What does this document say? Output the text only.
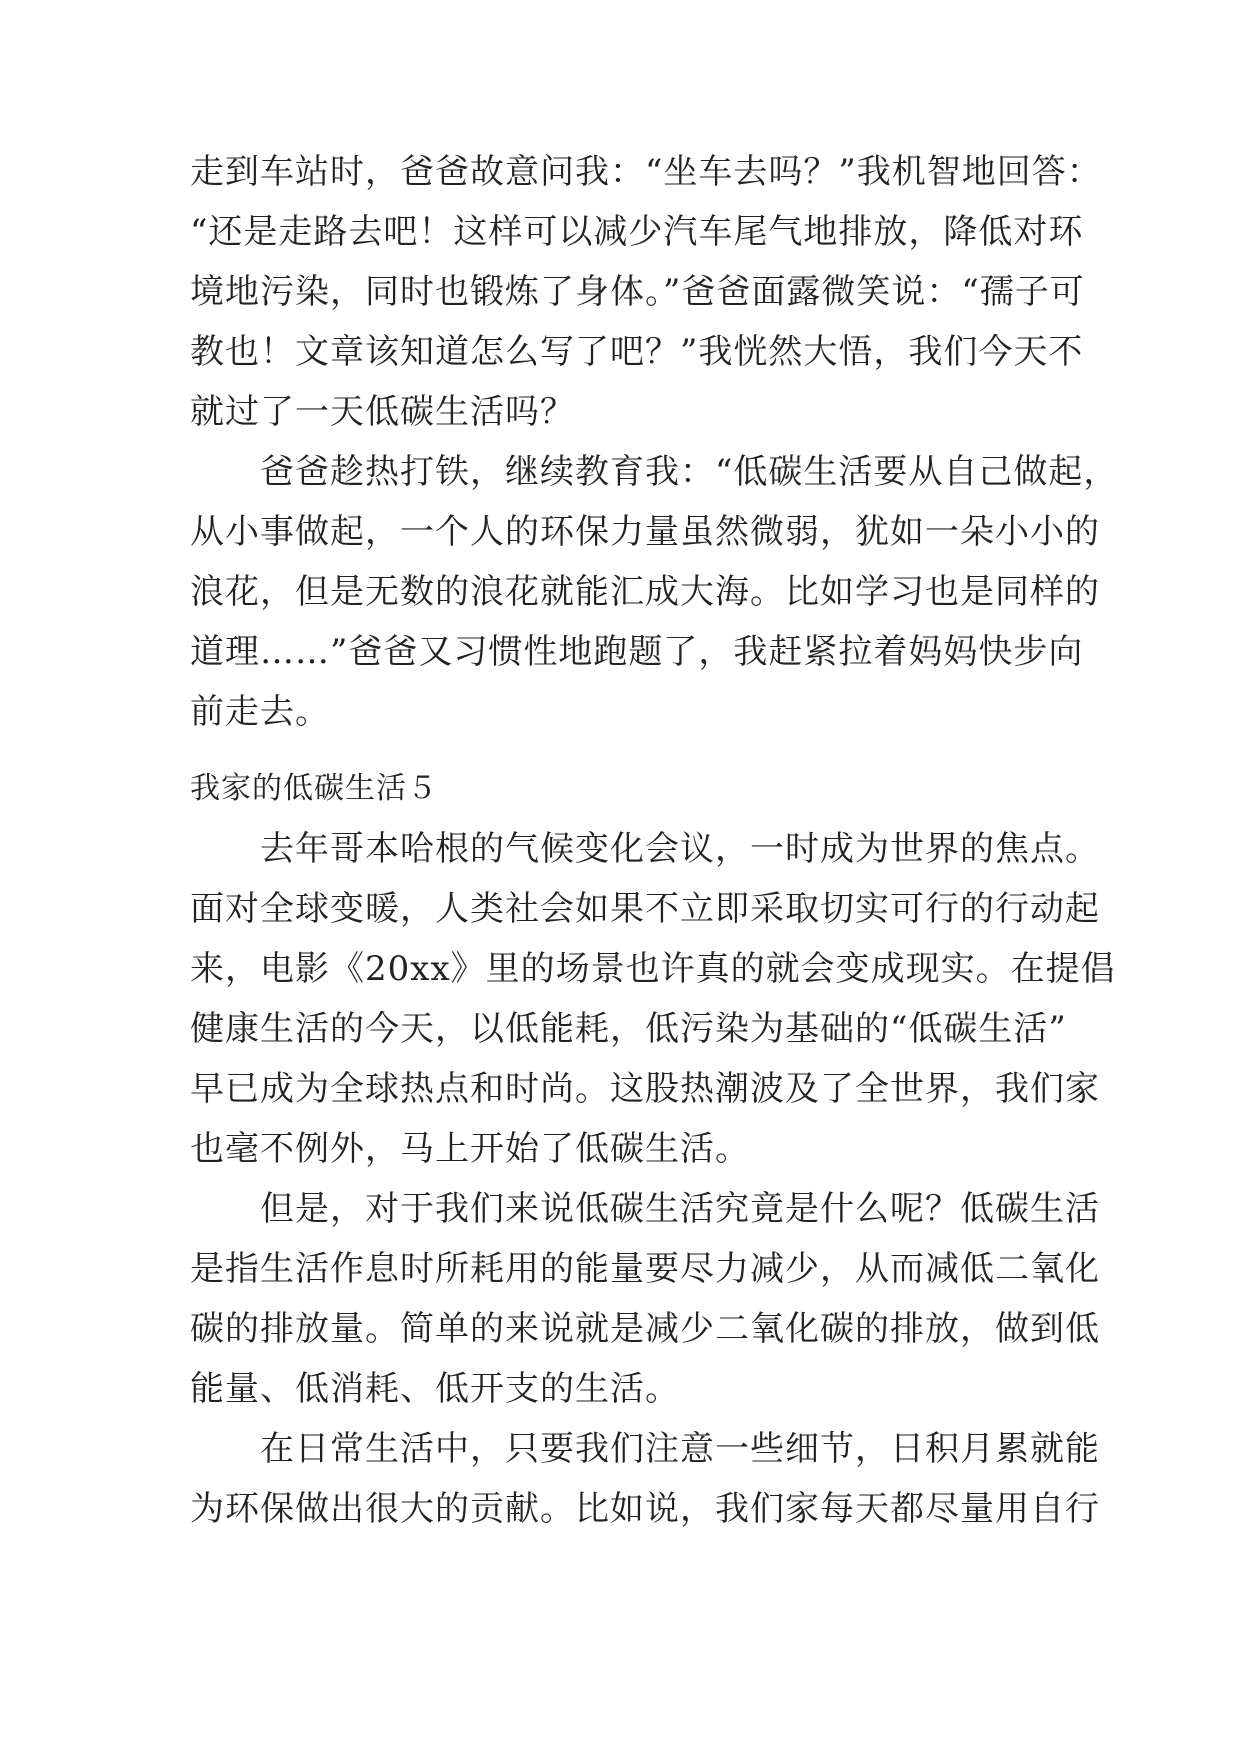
走到车站时，爸爸故意问我：“坐车去吗？”我机智地回答：
“还是走路去吧！这样可以减少汽车尾气地排放，降低对环
境地污染，同时也锻炼了身体。”爸爸面露微笑说：“孺子可
教也！文章该知道怎么写了吧？”我恍然大悟，我们今天不
就过了一天低碳生活吗？
　　爸爸趁热打铁，继续教育我：“低碳生活要从自己做起，
从小事做起，一个人的环保力量虽然微弱，犹如一朵小小的
浪花，但是无数的浪花就能汇成大海。比如学习也是同样的
道理……”爸爸又习惯性地跑题了，我赶紧拉着妈妈快步向
前走去。
我家的低碳生活５
　　去年哥本哈根的气候变化会议，一时成为世界的焦点。
面对全球变暖，人类社会如果不立即采取切实可行的行动起
来，电影《20xx》里的场景也许真的就会变成现实。在提倡
健康生活的今天，以低能耗，低污染为基础的“低碳生活”
早已成为全球热点和时尚。这股热潮波及了全世界，我们家
也毫不例外，马上开始了低碳生活。
　　但是，对于我们来说低碳生活究竟是什么呢？低碳生活
是指生活作息时所耗用的能量要尽力减少，从而减低二氧化
碳的排放量。简单的来说就是减少二氧化碳的排放，做到低
能量、低消耗、低开支的生活。
　　在日常生活中，只要我们注意一些细节，日积月累就能
为环保做出很大的贡献。比如说，我们家每天都尽量用自行
